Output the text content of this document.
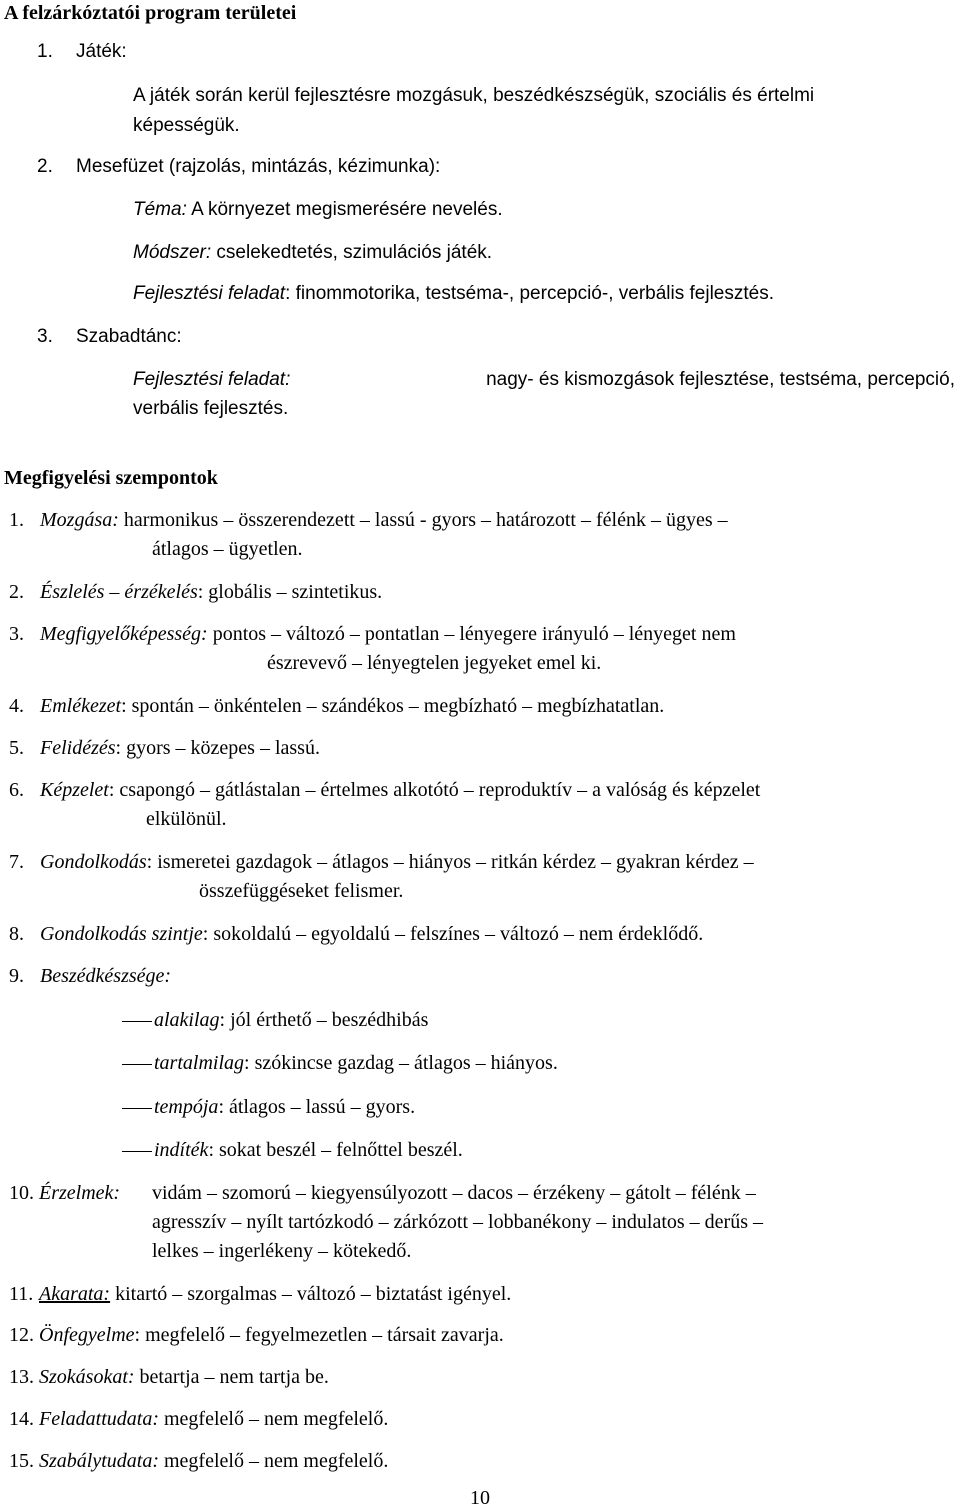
A felzárkóztatói program területei
1. Játék:
A játék során kerül fejlesztésre mozgásuk, beszédkészségük, szociális és értelmi
képességük.
2. Mesefüzet (rajzolás, mintázás, kézimunka):
Téma: A környezet megismerésére nevelés.
Módszer: cselekedtetés, szimulációs játék.
Fejlesztési feladat: finommotorika, testséma-, percepció-, verbális fejlesztés.
3. Szabadtánc:
Fejlesztési feladat:	nagy- és kismozgások fejlesztése, testséma, percepció,
verbális fejlesztés.
Megfigyelési szempontok
1. Mozgása: harmonikus – összerendezett – lassú - gyors – határozott – félénk – ügyes –
átlagos – ügyetlen.
2. Észlelés – érzékelés: globális – szintetikus.
3. Megfigyelőképesség: pontos – változó – pontatlan – lényegere irányuló – lényeget nem
észrevevő – lényegtelen jegyeket emel ki.
4. Emlékezet: spontán – önkéntelen – szándékos – megbízható – megbízhatatlan.
5. Felidézés: gyors – közepes – lassú.
6. Képzelet: csapongó – gátlástalan – értelmes alkotótó – reproduktív – a valóság és képzelet
elkülönül.
7. Gondolkodás: ismeretei gazdagok – átlagos – hiányos – ritkán kérdez – gyakran kérdez –
összefüggéseket felismer.
8. Gondolkodás szintje: sokoldalú – egyoldalú – felszínes – változó – nem érdeklődő.
9. Beszédkészsége:
alakilag: jól érthető – beszédhibás
tartalmilag: szókincse gazdag – átlagos – hiányos.
tempója: átlagos – lassú – gyors.
indíték: sokat beszél – felnőttel beszél.
10. Érzelmek: vidám – szomorú – kiegyensúlyozott – dacos – érzékeny – gátolt – félénk –
agresszív – nyílt tartózkodó – zárkózott – lobbanékony – indulatos – derűs –
lelkes – ingerlékeny – kötekedő.
11. Akarata: kitartó – szorgalmas – változó – biztatást igényel.
12. Önfegyelme: megfelelő – fegyelmezetlen – társait zavarja.
13. Szokásokat: betartja – nem tartja be.
14. Feladattudata: megfelelő – nem megfelelő.
15. Szabálytudata: megfelelő – nem megfelelő.
10
